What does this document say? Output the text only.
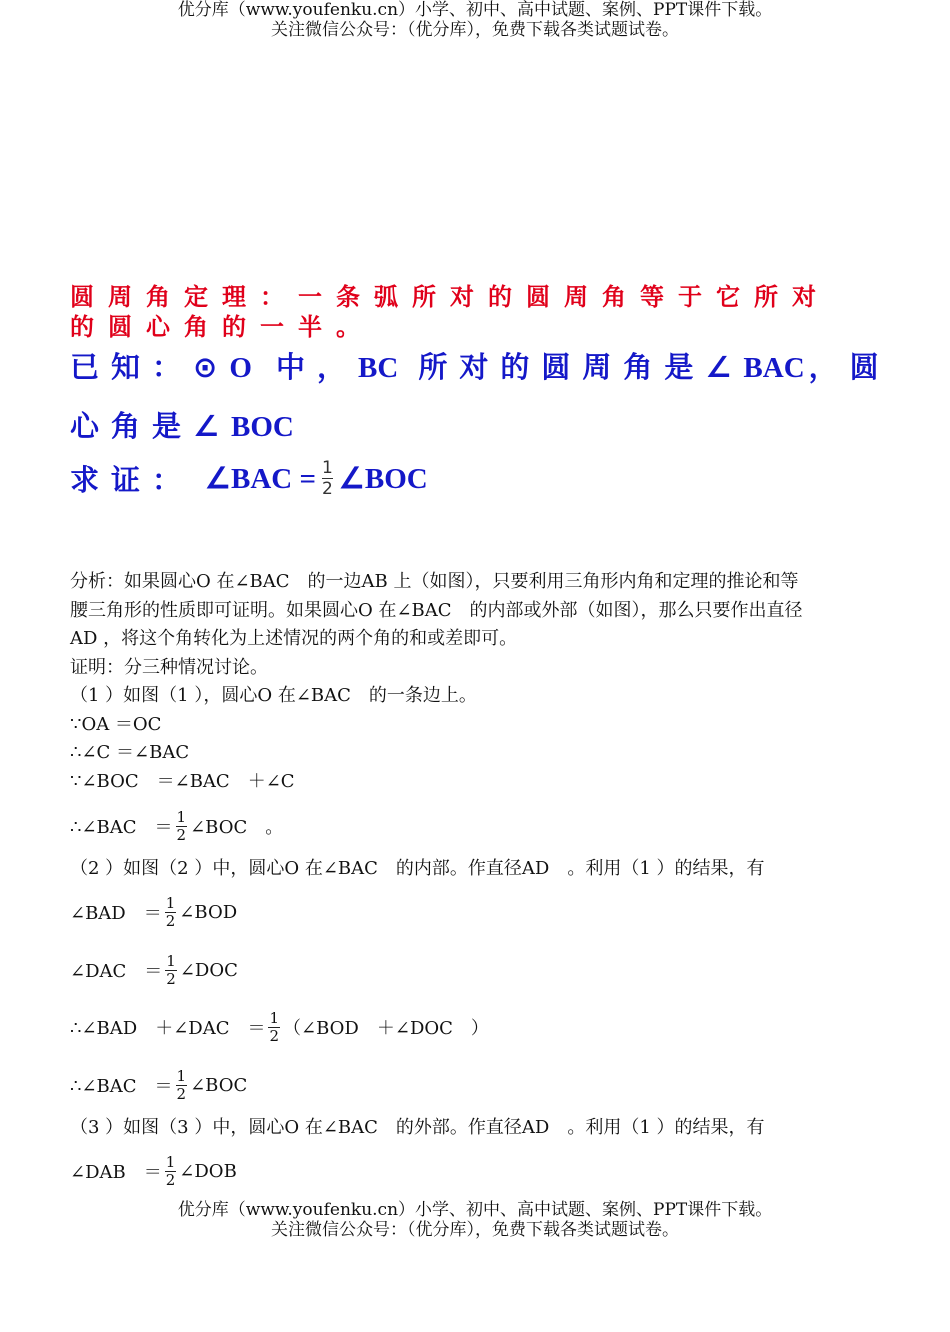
优分库（www.youfenku.cn）小学、初中、高中试题、案例、PPT课件下载。
关注微信公众号：（优分库），免费下载各类试题试卷。
圆周角定理：一条弧所对的圆周角等于它所对的圆心角的一半。
已知：⊙O 中，BC 所对的圆周角是∠BAC ，圆
心角是∠BOC
求证： ∠BAC = $\frac{1}{2}$ ∠BOC
分析：如果圆心O 在∠BAC　的一边AB 上（如图），只要利用三角形内角和定理的推论和等
腰三角形的性质即可证明。如果圆心O 在∠BAC　的内部或外部（如图），那么只要作出直径
AD ，将这个角转化为上述情况的两个角的和或差即可。
证明：分三种情况讨论。
（1 ）如图（1 ），圆心O 在∠BAC　的一条边上。
∵OA ＝OC
∴∠C ＝∠BAC
∵∠BOC　＝∠BAC　＋∠C
∴∠BAC　＝ $\frac{1}{2}$ ∠BOC　。
（2 ）如图（2 ）中，圆心O 在∠BAC　的内部。作直径AD　。利用（1 ）的结果，有
∠BAD　＝ $\frac{1}{2}$ ∠BOD
∠DAC　＝ $\frac{1}{2}$ ∠DOC
∴∠BAD　＋∠DAC　＝ $\frac{1}{2}$ （∠BOD　＋∠DOC　）
∴∠BAC　＝ $\frac{1}{2}$ ∠BOC
（3 ）如图（3 ）中，圆心O 在∠BAC　的外部。作直径AD　。利用（1 ）的结果，有
∠DAB　＝ $\frac{1}{2}$ ∠DOB
优分库（www.youfenku.cn）小学、初中、高中试题、案例、PPT课件下载。
关注微信公众号：（优分库），免费下载各类试题试卷。
